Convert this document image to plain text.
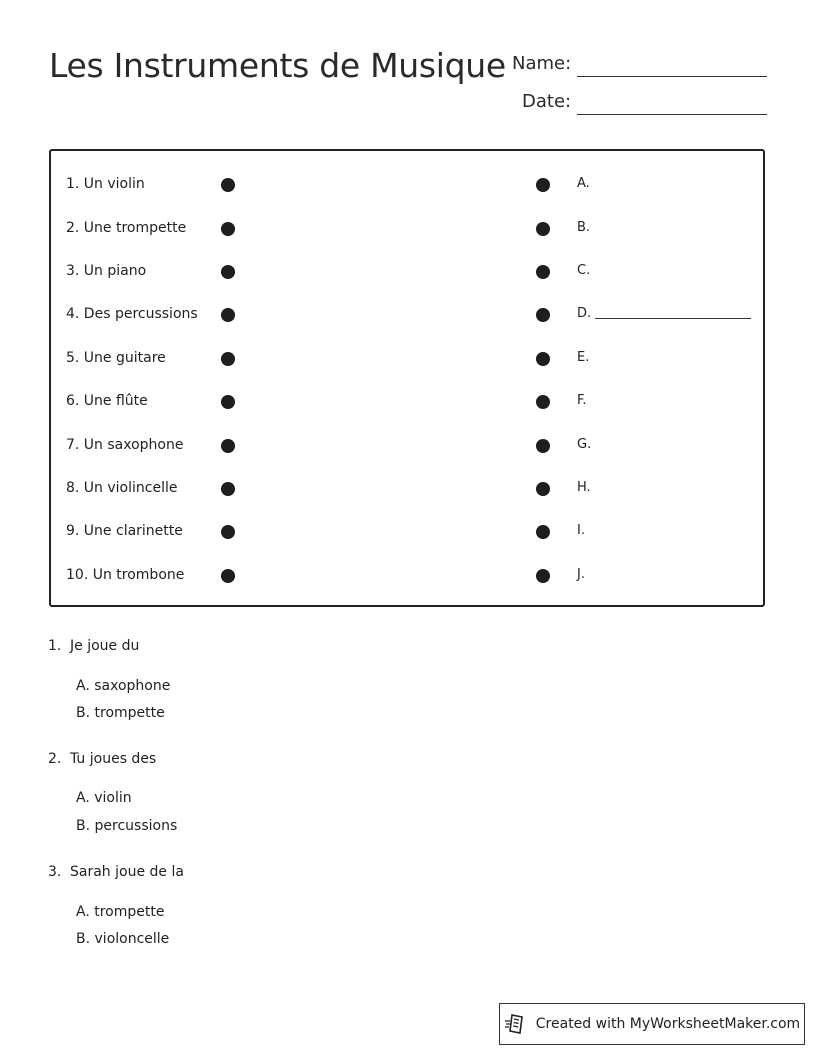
Les Instruments de Musique Name:
Date:
1. Un violin	A.
2. Une trompette	B.
3. Un piano	C.
4. Des percussions	D.
5. Une guitare	E.
6. Une flûte	F.
7. Un saxophone	G.
8. Un violincelle	H.
9. Une clarinette	I.
10. Un trombone	J.
1. Je joue du
A. saxophone
B. trompette
2. Tu joues des
A. violin
B. percussions
3. Sarah joue de la
A. trompette
B. violoncelle
Created with MyWorksheetMaker.com
